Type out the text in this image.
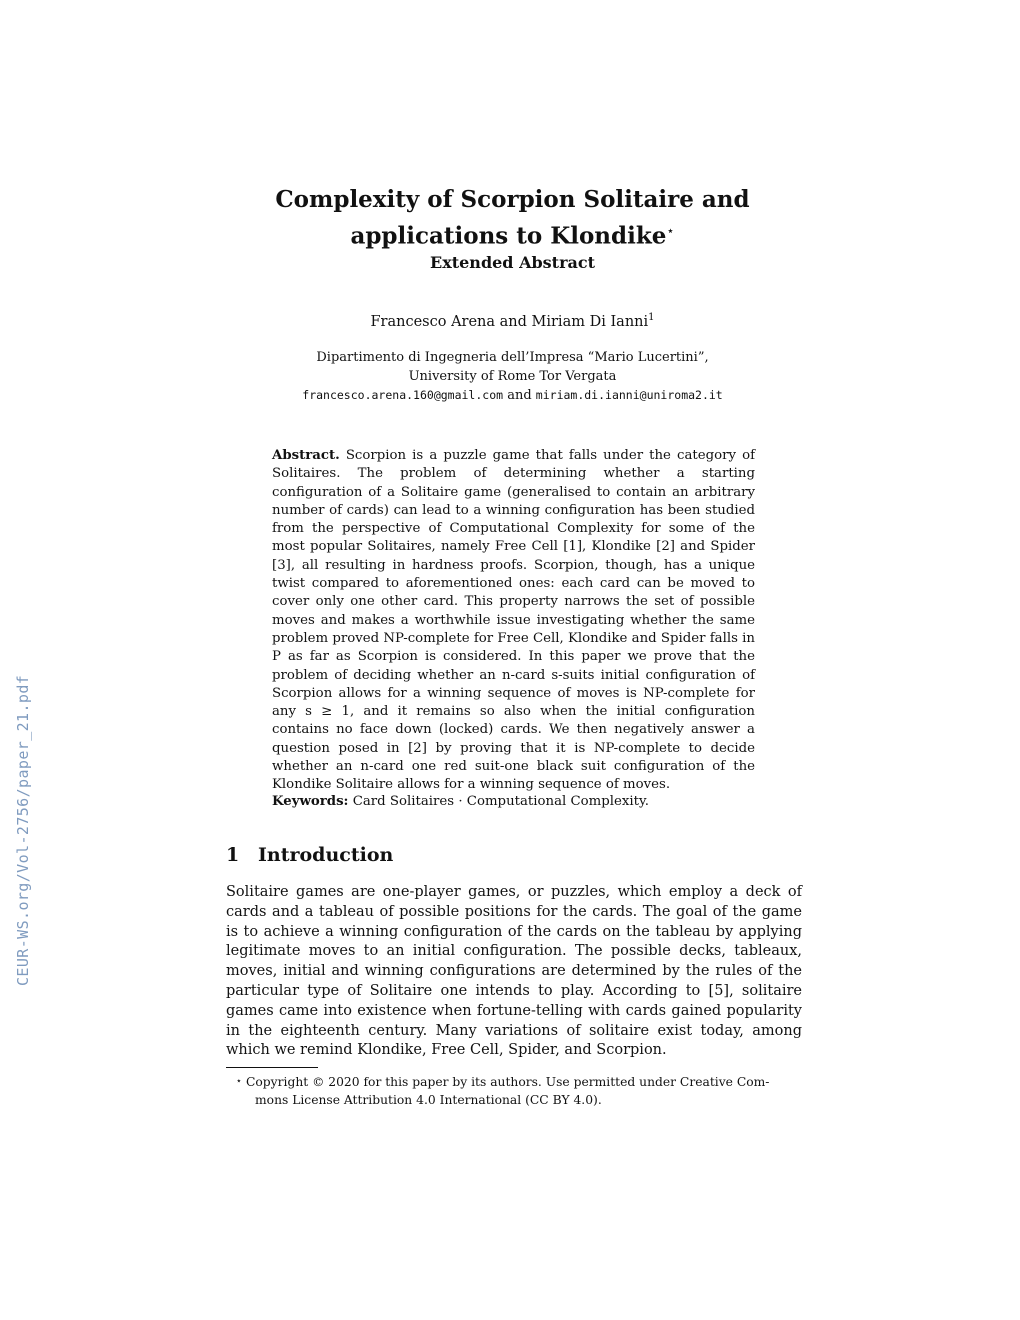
CEUR-WS.org/Vol-2756/paper_21.pdf
Complexity of Scorpion Solitaire and
applications to Klondike⋆
Extended Abstract
Francesco Arena and Miriam Di Ianni$^1$
Dipartimento di Ingegneria dell’Impresa “Mario Lucertini”,
University of Rome Tor Vergata
francesco.arena.160@gmail.com and miriam.di.ianni@uniroma2.it
Abstract. Scorpion is a puzzle game that falls under the category of Solitaires. The problem of determining whether a starting configuration of a Solitaire game (generalised to contain an arbitrary number of cards) can lead to a winning configuration has been studied from the perspective of Computational Complexity for some of the most popular Solitaires, namely Free Cell [1], Klondike [2] and Spider [3], all resulting in hardness proofs. Scorpion, though, has a unique twist compared to aforementioned ones: each card can be moved to cover only one other card. This property narrows the set of possible moves and makes a worthwhile issue investigating whether the same problem proved NP-complete for Free Cell, Klondike and Spider falls in P as far as Scorpion is considered. In this paper we prove that the problem of deciding whether an n-card s-suits initial configuration of Scorpion allows for a winning sequence of moves is NP-complete for any s ≥ 1, and it remains so also when the initial configuration contains no face down (locked) cards. We then negatively answer a question posed in [2] by proving that it is NP-complete to decide whether an n-card one red suit-one black suit configuration of the Klondike Solitaire allows for a winning sequence of moves.
Keywords: Card Solitaires · Computational Complexity.
1 Introduction
Solitaire games are one-player games, or puzzles, which employ a deck of cards and a tableau of possible positions for the cards. The goal of the game is to achieve a winning configuration of the cards on the tableau by applying legitimate moves to an initial configuration. The possible decks, tableaux, moves, initial and winning configurations are determined by the rules of the particular type of Solitaire one intends to play. According to [5], solitaire games came into existence when fortune-telling with cards gained popularity in the eighteenth century. Many variations of solitaire exist today, among which we remind Klondike, Free Cell, Spider, and Scorpion.
⋆ Copyright © 2020 for this paper by its authors. Use permitted under Creative Com-
mons License Attribution 4.0 International (CC BY 4.0).
